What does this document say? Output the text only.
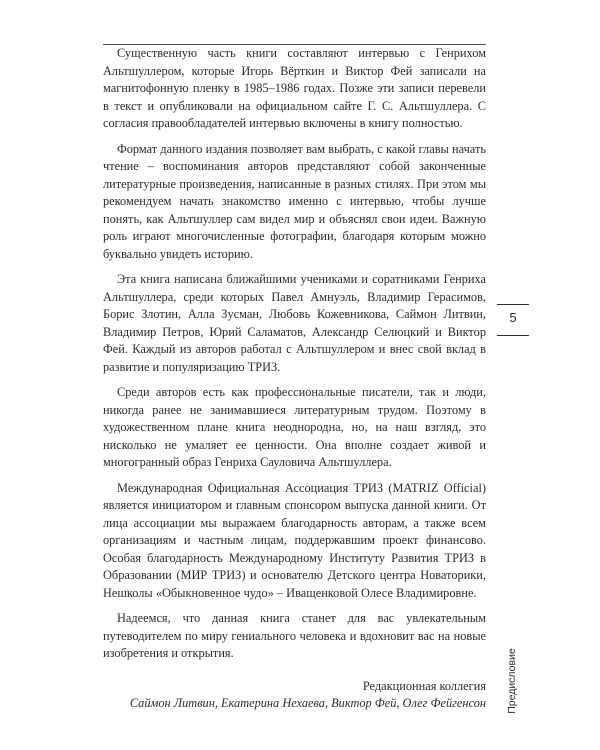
Существенную часть книги составляют интервью с Генрихом Альтшуллером, которые Игорь Вёрткин и Виктор Фей записали на магнитофонную пленку в 1985–1986 годах. Позже эти записи перевели в текст и опубликовали на официальном сайте Г. С. Альтшуллера. С согласия правообладателей интервью включены в книгу полностью.

Формат данного издания позволяет вам выбрать, с какой главы начать чтение – воспоминания авторов представляют собой законченные литературные произведения, написанные в разных стилях. При этом мы рекомендуем начать знакомство именно с интервью, чтобы лучше понять, как Альтшуллер сам видел мир и объяснял свои идеи. Важную роль играют многочисленные фотографии, благодаря которым можно буквально увидеть историю.

Эта книга написана ближайшими учениками и соратниками Генриха Альтшуллера, среди которых Павел Амнуэль, Владимир Герасимов, Борис Злотин, Алла Зусман, Любовь Кожевникова, Саймон Литвин, Владимир Петров, Юрий Саламатов, Александр Селюцкий и Виктор Фей. Каждый из авторов работал с Альтшуллером и внес свой вклад в развитие и популяризацию ТРИЗ.

Среди авторов есть как профессиональные писатели, так и люди, никогда ранее не занимавшиеся литературным трудом. Поэтому в художественном плане книга неоднородна, но, на наш взгляд, это нисколько не умаляет ее ценности. Она вполне создает живой и многогранный образ Генриха Сауловича Альтшуллера.

Международная Официальная Ассоциация ТРИЗ (MATRIZ Official) является инициатором и главным спонсором выпуска данной книги. От лица ассоциации мы выражаем благодарность авторам, а также всем организациям и частным лицам, поддержавшим проект финансово. Особая благодарность Международному Институту Развития ТРИЗ в Образовании (МИР ТРИЗ) и основателю Детского центра Новаторики, Нешколы «Обыкновенное чудо» – Иващенковой Олесе Владимировне.

Надеемся, что данная книга станет для вас увлекательным путеводителем по миру гениального человека и вдохновит вас на новые изобретения и открытия.

Редакционная коллегия
Саймон Литвин, Екатерина Нехаева, Виктор Фей, Олег Фейгенсон
5
Предисловие
